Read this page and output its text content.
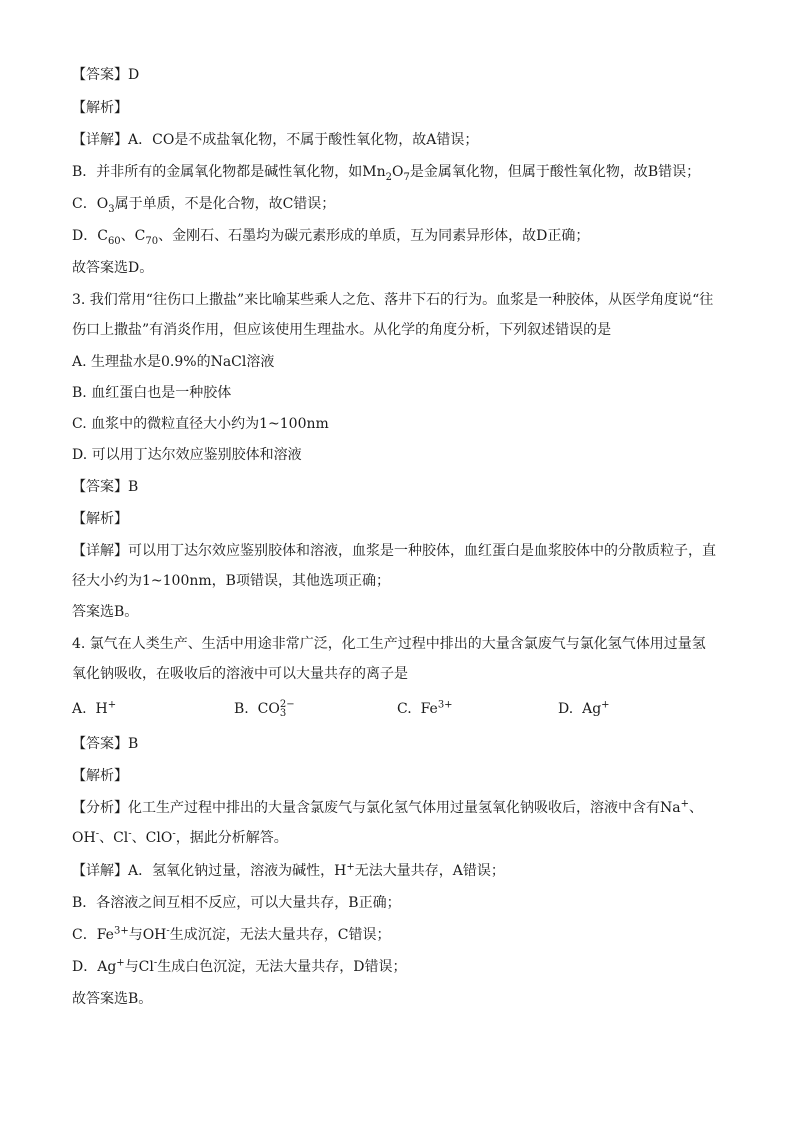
【答案】D
【解析】
【详解】A．CO是不成盐氧化物，不属于酸性氧化物，故A错误；
B．并非所有的金属氧化物都是碱性氧化物，如$Mn_2O_7$是金属氧化物，但属于酸性氧化物，故B错误；
C．$O_3$属于单质，不是化合物，故C错误；
D．$C_{60}$、$C_{70}$、金刚石、石墨均为碳元素形成的单质，互为同素异形体，故D正确；
故答案选D。
3. 我们常用“往伤口上撒盐”来比喻某些乘人之危、落井下石的行为。血浆是一种胶体，从医学角度说“往
伤口上撒盐”有消炎作用，但应该使用生理盐水。从化学的角度分析，下列叙述错误的是
A. 生理盐水是0.9%的NaCl溶液
B. 血红蛋白也是一种胶体
C. 血浆中的微粒直径大小约为1~100nm
D. 可以用丁达尔效应鉴别胶体和溶液
【答案】B
【解析】
【详解】可以用丁达尔效应鉴别胶体和溶液，血浆是一种胶体，血红蛋白是血浆胶体中的分散质粒子，直
径大小约为1~100nm，B项错误，其他选项正确；
答案选B。
4. 氯气在人类生产、生活中用途非常广泛，化工生产过程中排出的大量含氯废气与氯化氢气体用过量氢
氧化钠吸收，在吸收后的溶液中可以大量共存的离子是
A. H+	B. CO 2−
3	C. $Fe^{3+}$	D. Ag+
【答案】B
【解析】
【分析】化工生产过程中排出的大量含氯废气与氯化氢气体用过量氢氧化钠吸收后，溶液中含有Na+、
OH-、Cl-、ClO-，据此分析解答。
【详解】A．氢氧化钠过量，溶液为碱性，H+无法大量共存，A错误；
B．各溶液之间互相不反应，可以大量共存，B正确；
C．$Fe^{3+}$与OH-生成沉淀，无法大量共存，C错误；
D．Ag+与Cl-生成白色沉淀，无法大量共存，D错误；
故答案选B。
